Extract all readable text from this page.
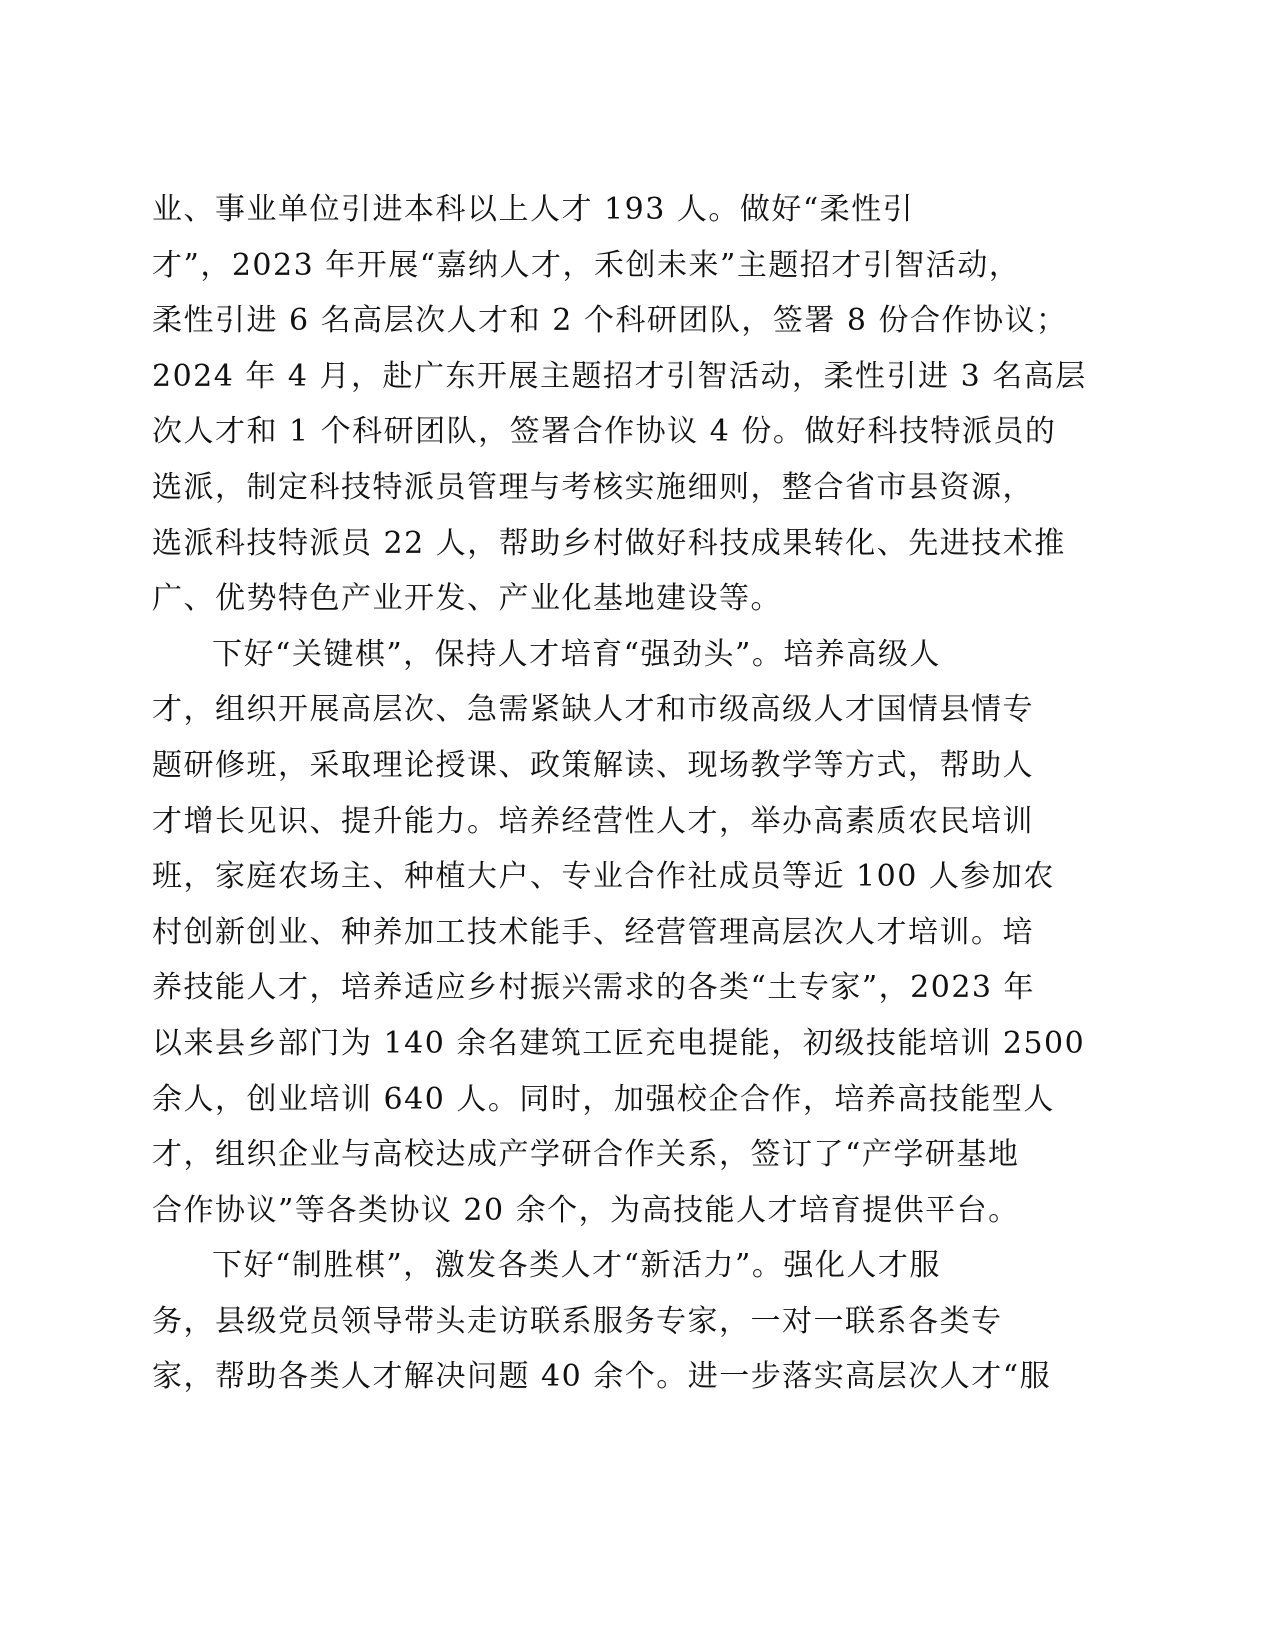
业、事业单位引进本科以上人才 193 人。做好“柔性引
才”，2023 年开展“嘉纳人才，禾创未来”主题招才引智活动，
柔性引进 6 名高层次人才和 2 个科研团队，签署 8 份合作协议；
2024 年 4 月，赴广东开展主题招才引智活动，柔性引进 3 名高层
次人才和 1 个科研团队，签署合作协议 4 份。做好科技特派员的
选派，制定科技特派员管理与考核实施细则，整合省市县资源，
选派科技特派员 22 人，帮助乡村做好科技成果转化、先进技术推
广、优势特色产业开发、产业化基地建设等。
下好“关键棋”，保持人才培育“强劲头”。培养高级人
才，组织开展高层次、急需紧缺人才和市级高级人才国情县情专
题研修班，采取理论授课、政策解读、现场教学等方式，帮助人
才增长见识、提升能力。培养经营性人才，举办高素质农民培训
班，家庭农场主、种植大户、专业合作社成员等近 100 人参加农
村创新创业、种养加工技术能手、经营管理高层次人才培训。培
养技能人才，培养适应乡村振兴需求的各类“土专家”，2023 年
以来县乡部门为 140 余名建筑工匠充电提能，初级技能培训 2500
余人，创业培训 640 人。同时，加强校企合作，培养高技能型人
才，组织企业与高校达成产学研合作关系，签订了“产学研基地
合作协议”等各类协议 20 余个，为高技能人才培育提供平台。
下好“制胜棋”，激发各类人才“新活力”。强化人才服
务，县级党员领导带头走访联系服务专家，一对一联系各类专
家，帮助各类人才解决问题 40 余个。进一步落实高层次人才“服
